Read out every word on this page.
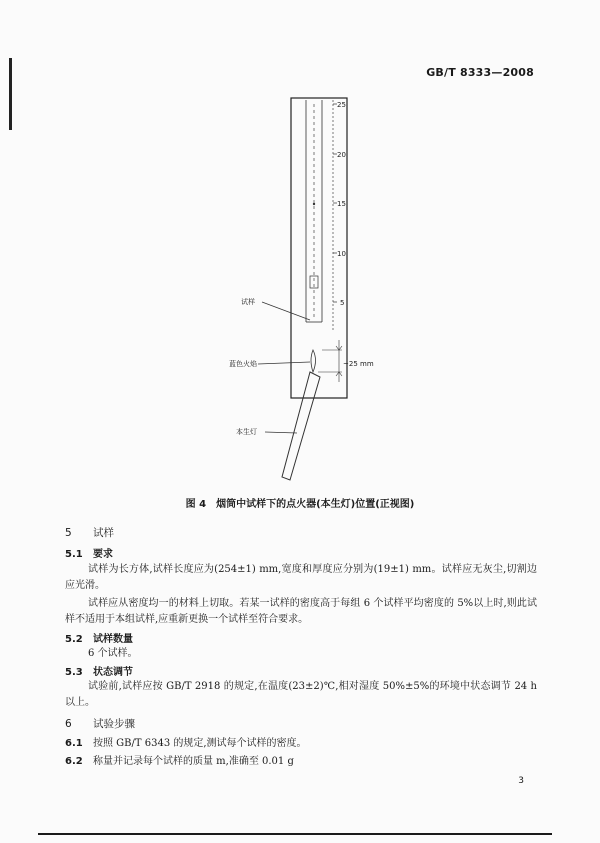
GB/T 8333—2008
25
20
15
10
5
试样
蓝色火焰	~25 mm
本生灯
图 4　烟筒中试样下的点火器(本生灯)位置(正视图)
5 试样
5.1 要求
试样为长方体,试样长度应为(254±1) mm,宽度和厚度应分别为(19±1) mm。试样应无灰尘,切割边应光滑。
试样应从密度均一的材料上切取。若某一试样的密度高于每组 6 个试样平均密度的 5%以上时,则此试样不适用于本组试样,应重新更换一个试样至符合要求。
5.2 试样数量
6 个试样。
5.3 状态调节
试验前,试样应按 GB/T 2918 的规定,在温度(23±2)℃,相对湿度 50%±5%的环境中状态调节 24 h 以上。
6 试验步骤
6.1 按照 GB/T 6343 的规定,测试每个试样的密度。
6.2 称量并记录每个试样的质量 m,准确至 0.01 g
3
